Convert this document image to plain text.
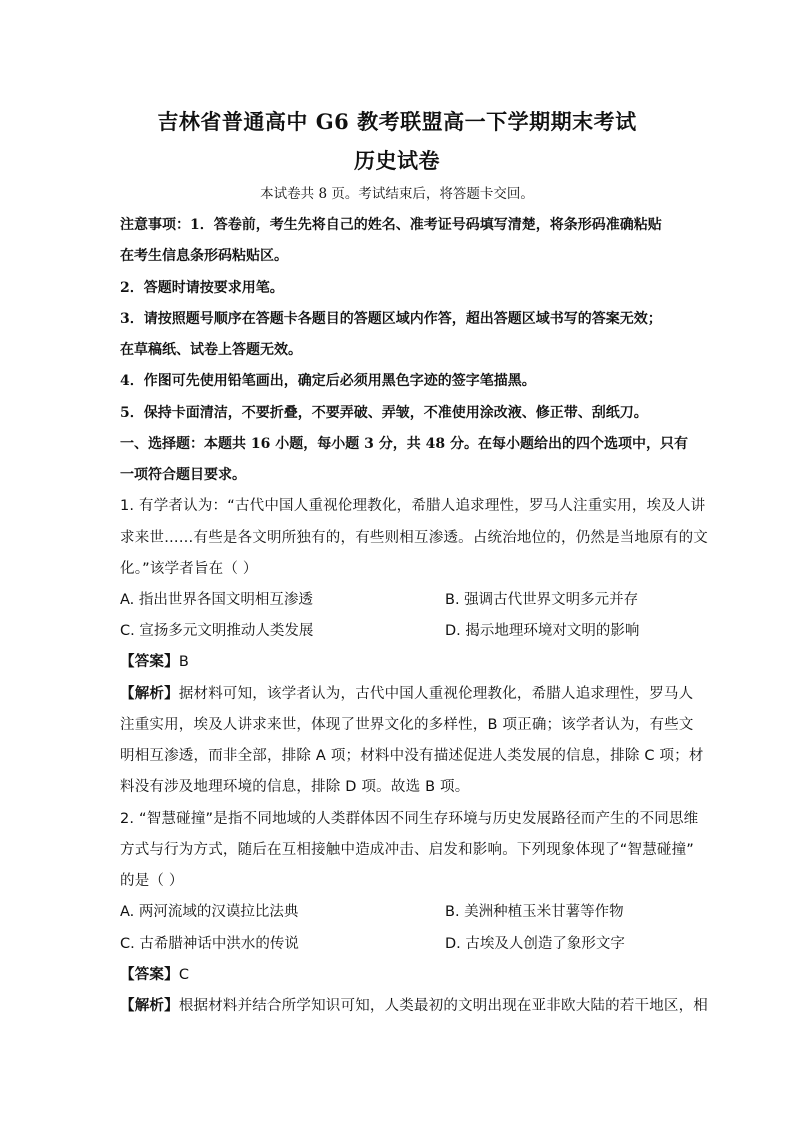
吉林省普通高中 G6 教考联盟高一下学期期末考试
历史试卷
本试卷共 8 页。考试结束后，将答题卡交回。
注意事项：1．答卷前，考生先将自己的姓名、准考证号码填写清楚，将条形码准确粘贴
在考生信息条形码粘贴区。
2．答题时请按要求用笔。
3．请按照题号顺序在答题卡各题目的答题区域内作答，超出答题区域书写的答案无效；
在草稿纸、试卷上答题无效。
4．作图可先使用铅笔画出，确定后必须用黑色字迹的签字笔描黑。
5．保持卡面清洁，不要折叠，不要弄破、弄皱，不准使用涂改液、修正带、刮纸刀。
一、选择题：本题共 16 小题，每小题 3 分，共 48 分。在每小题给出的四个选项中，只有
一项符合题目要求。
1. 有学者认为：“古代中国人重视伦理教化，希腊人追求理性，罗马人注重实用，埃及人讲
求来世……有些是各文明所独有的，有些则相互渗透。占统治地位的，仍然是当地原有的文
化。”该学者旨在（ ）
A. 指出世界各国文明相互渗透	B. 强调古代世界文明多元并存
C. 宣扬多元文明推动人类发展	D. 揭示地理环境对文明的影响
【答案】B
【解析】据材料可知，该学者认为，古代中国人重视伦理教化，希腊人追求理性，罗马人
注重实用，埃及人讲求来世，体现了世界文化的多样性，B 项正确；该学者认为，有些文
明相互渗透，而非全部，排除 A 项；材料中没有描述促进人类发展的信息，排除 C 项；材
料没有涉及地理环境的信息，排除 D 项。故选 B 项。
2. “智慧碰撞”是指不同地域的人类群体因不同生存环境与历史发展路径而产生的不同思维
方式与行为方式，随后在互相接触中造成冲击、启发和影响。下列现象体现了“智慧碰撞”
的是（ ）
A. 两河流域的汉谟拉比法典	B. 美洲种植玉米甘薯等作物
C. 古希腊神话中洪水的传说	D. 古埃及人创造了象形文字
【答案】C
【解析】根据材料并结合所学知识可知，人类最初的文明出现在亚非欧大陆的若干地区，相
